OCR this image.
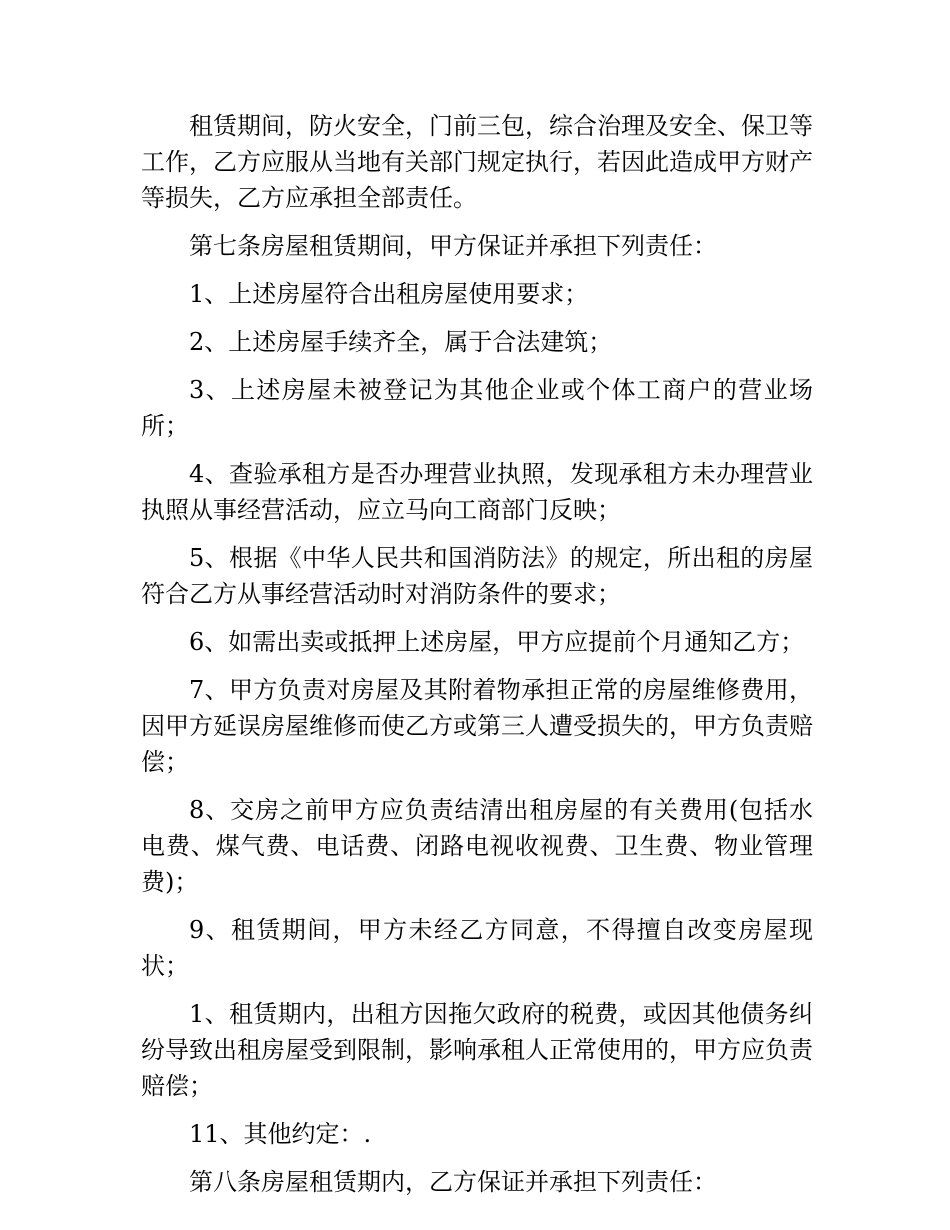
租赁期间，防火安全，门前三包，综合治理及安全、保卫等工作，乙方应服从当地有关部门规定执行，若因此造成甲方财产等损失，乙方应承担全部责任。

第七条房屋租赁期间，甲方保证并承担下列责任：

1、上述房屋符合出租房屋使用要求；

2、上述房屋手续齐全，属于合法建筑；

3、上述房屋未被登记为其他企业或个体工商户的营业场所；

4、查验承租方是否办理营业执照，发现承租方未办理营业执照从事经营活动，应立马向工商部门反映；

5、根据《中华人民共和国消防法》的规定，所出租的房屋符合乙方从事经营活动时对消防条件的要求；

6、如需出卖或抵押上述房屋，甲方应提前个月通知乙方；

7、甲方负责对房屋及其附着物承担正常的房屋维修费用，因甲方延误房屋维修而使乙方或第三人遭受损失的，甲方负责赔偿；

8、交房之前甲方应负责结清出租房屋的有关费用(包括水电费、煤气费、电话费、闭路电视收视费、卫生费、物业管理费)；

9、租赁期间，甲方未经乙方同意，不得擅自改变房屋现状；

1、租赁期内，出租方因拖欠政府的税费，或因其他债务纠纷导致出租房屋受到限制，影响承租人正常使用的，甲方应负责赔偿；

11、其他约定：.

第八条房屋租赁期内，乙方保证并承担下列责任：
